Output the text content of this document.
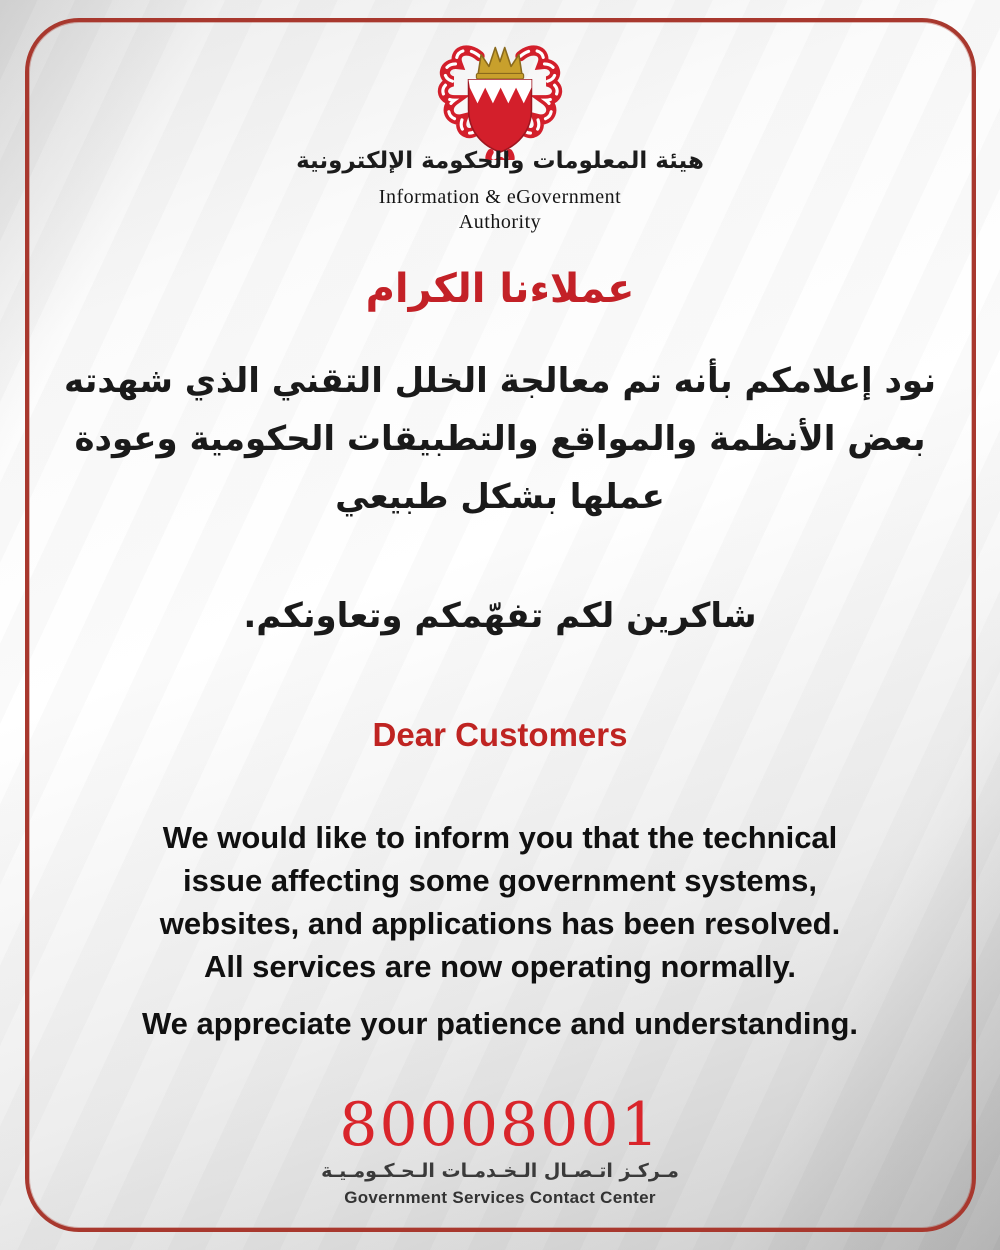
هيئة المعلومات والحكومة الإلكترونية
Information & eGovernment
Authority
عملاءنا الكرام
نود إعلامكم بأنه تم معالجة الخلل التقني الذي شهدته
بعض الأنظمة والمواقع والتطبيقات الحكومية وعودة
عملها بشكل طبيعي
شاكرين لكم تفهّمكم وتعاونكم.
Dear Customers
We would like to inform you that the technical
issue affecting some government systems,
websites, and applications has been resolved.
All services are now operating normally.
We appreciate your patience and understanding.
80008001
مـركـز اتـصـال الـخـدمـات الـحـكـومـيـة
Government Services Contact Center
